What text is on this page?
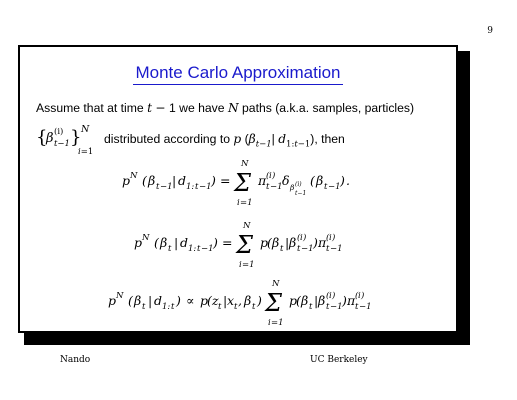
9
Monte Carlo Approximation
Assume that at time t − 1 we have N paths (a.k.a. samples, particles)
{
β (i)
t−1 } N
i=1
distributed according to p ($\beta_{t-1}|$ $d_{1:t-1}$), then
p N ( β t −1 | d 1: t −1 ) =
N
Σ
i =1
π ( i )
t −1 δ β (i)
t−1
( β t −1 ) .
p N ( β t | d 1: t −1 ) =
N
Σ
i =1
p
( β t | β ( i )
t −1 ) π ( i )
t −1
p N ( β t | d 1: t ) ∝ p
( z t | x t , β t )
N
Σ
i =1
p
( β t | β ( i )
t −1 ) π ( i )
t −1
Nando	UC Berkeley
